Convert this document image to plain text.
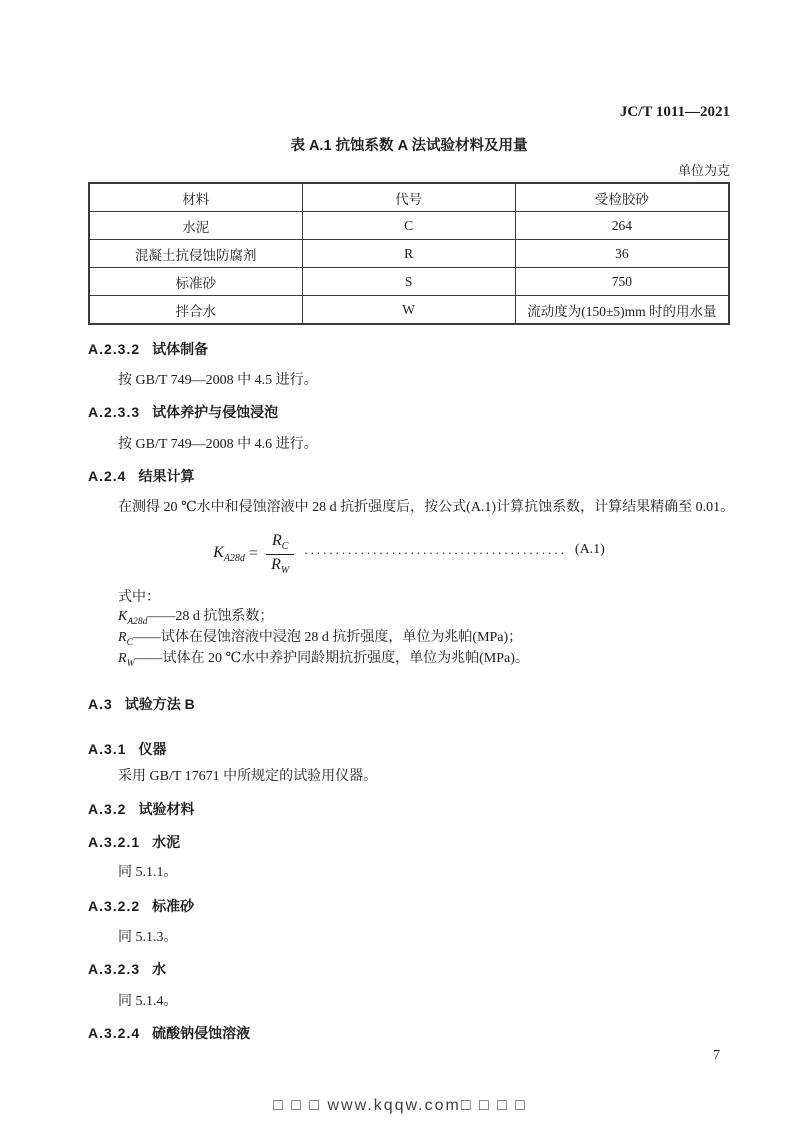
JC/T 1011—2021
表 A.1 抗蚀系数 A 法试验材料及用量
单位为克
材料	代号	受检胶砂
水泥	C	264
混凝土抗侵蚀防腐剂	R	36
标准砂	S	750
拌合水	W	流动度为(150±5)mm 时的用水量
A.2.3.2 试体制备
按 GB/T 749—2008 中 4.5 进行。
A.2.3.3 试体养护与侵蚀浸泡
按 GB/T 749—2008 中 4.6 进行。
A.2.4 结果计算
在测得 20 ℃水中和侵蚀溶液中 28 d 抗折强度后，按公式(A.1)计算抗蚀系数，计算结果精确至 0.01。
$K_{A28d} = \frac{R_C}{R_W}$ .......................................... (A.1)
式中：
$K_{A28d}——28$ d 抗蚀系数；
$R_C——$试体在侵蚀溶液中浸泡 28 d 抗折强度，单位为兆帕(MPa)；
$R_W——$试体在 20 ℃水中养护同龄期抗折强度，单位为兆帕(MPa)。
A.3 试验方法 B
A.3.1 仪器
采用 GB/T 17671 中所规定的试验用仪器。
A.3.2 试验材料
A.3.2.1 水泥
同 5.1.1。
A.3.2.2 标准砂
同 5.1.3。
A.3.2.3 水
同 5.1.4。
A.3.2.4 硫酸钠侵蚀溶液
7
□ □ □ www.kqqw.com□ □ □ □
